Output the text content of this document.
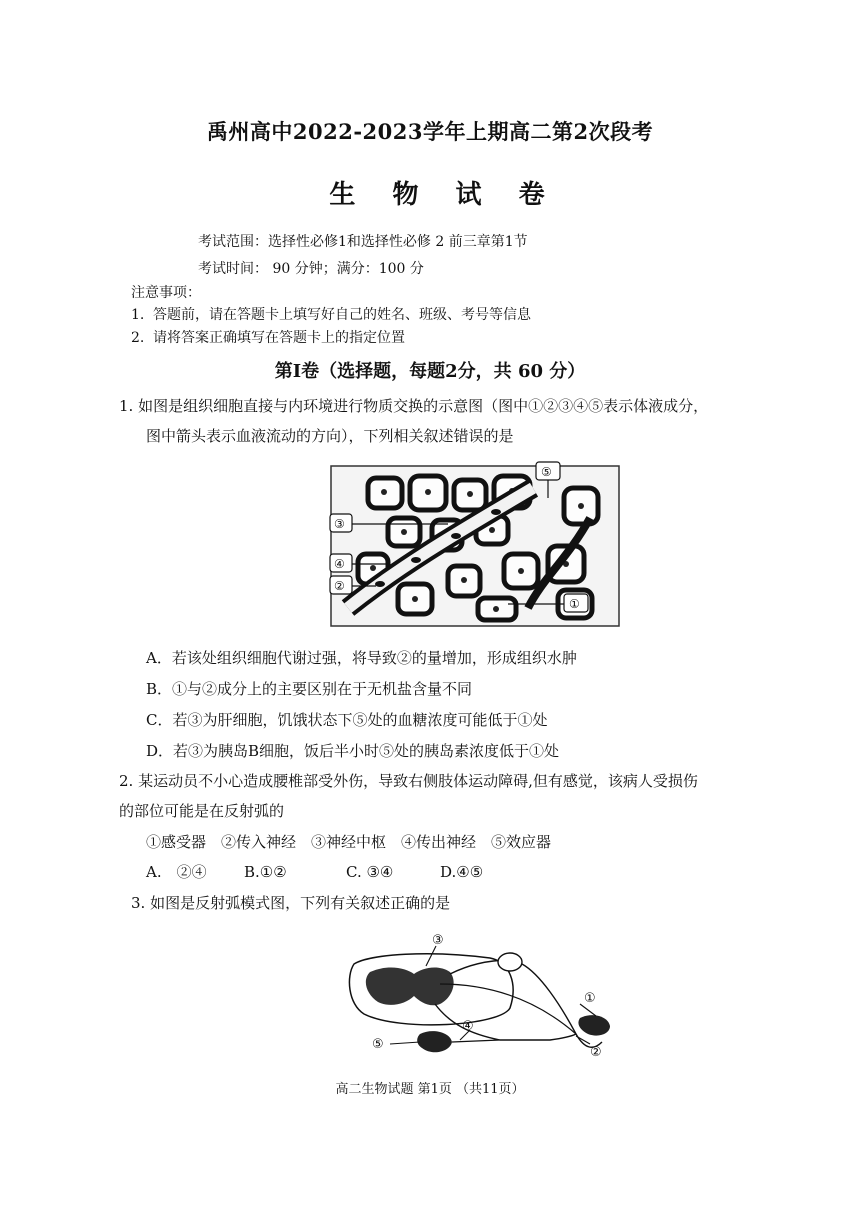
禹州高中2022-2023学年上期高二第2次段考
生 物 试 卷
考试范围：选择性必修1和选择性必修 2 前三章第1节
考试时间： 90 分钟；满分：100 分
注意事项：
1. 答题前，请在答题卡上填写好自己的姓名、班级、考号等信息
2. 请将答案正确填写在答题卡上的指定位置
第Ⅰ卷（选择题，每题2分，共 60 分）
1. 如图是组织细胞直接与内环境进行物质交换的示意图（图中①②③④⑤表示体液成分，
图中箭头表示血液流动的方向），下列相关叙述错误的是
⑤
③
④
②
①
A．若该处组织细胞代谢过强，将导致②的量增加，形成组织水肿
B．①与②成分上的主要区别在于无机盐含量不同
C．若③为肝细胞，饥饿状态下⑤处的血糖浓度可能低于①处
D．若③为胰岛B细胞，饭后半小时⑤处的胰岛素浓度低于①处
2. 某运动员不小心造成腰椎部受外伤，导致右侧肢体运动障碍,但有感觉，该病人受损伤
的部位可能是在反射弧的
①感受器　②传入神经　③神经中枢　④传出神经　⑤效应器
A.　②④ B.①②	C. ③④	D.④⑤
3. 如图是反射弧模式图，下列有关叙述正确的是
③
①
④
②
⑤
高二生物试题 第1页 （共11页）
